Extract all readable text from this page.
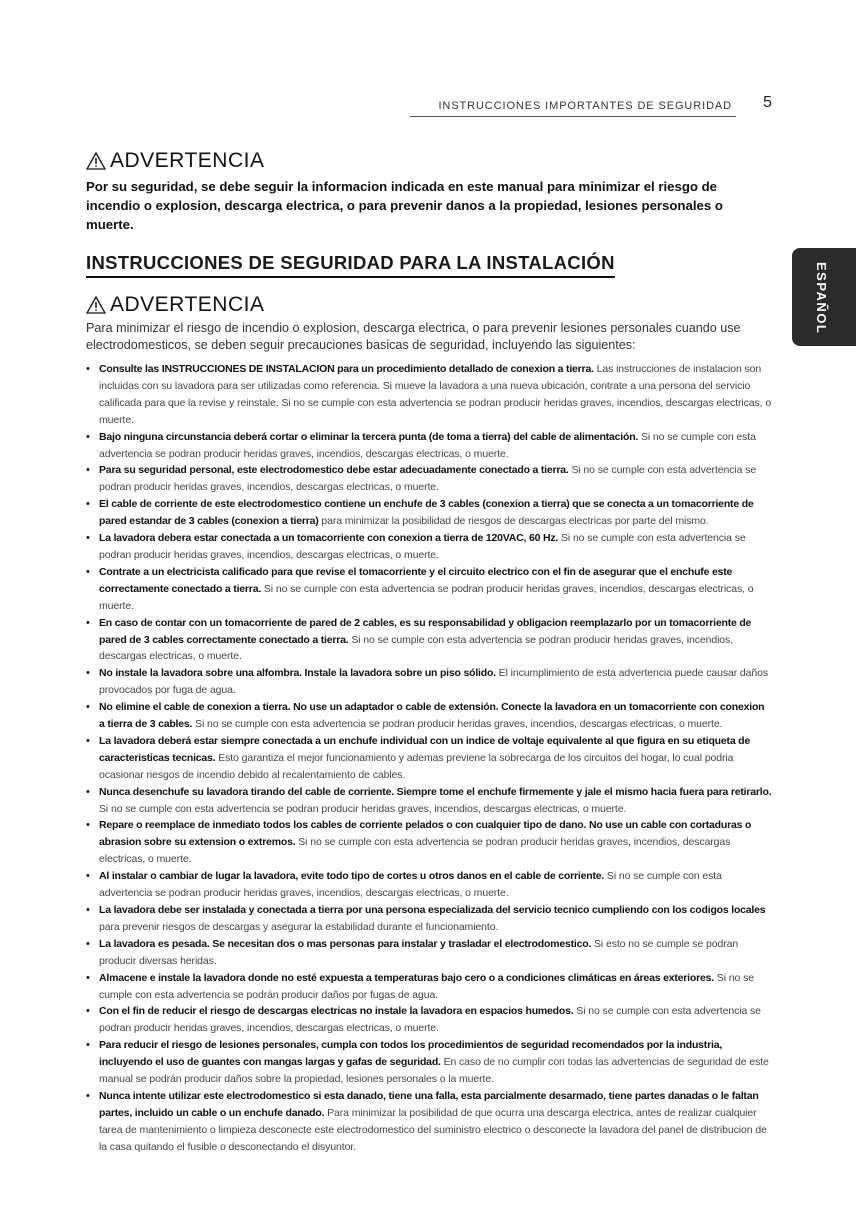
INSTRUCCIONES IMPORTANTES DE SEGURIDAD 5
ESPAÑOL
ADVERTENCIA
Por su seguridad, se debe seguir la informacion indicada en este manual para minimizar el riesgo de incendio o explosion, descarga electrica, o para prevenir danos a la propiedad, lesiones personales o muerte.
INSTRUCCIONES DE SEGURIDAD PARA LA INSTALACIÓN
ADVERTENCIA
Para minimizar el riesgo de incendio o explosion, descarga electrica, o para prevenir lesiones personales cuando use electrodomesticos, se deben seguir precauciones basicas de seguridad, incluyendo las siguientes:
• Consulte las INSTRUCCIONES DE INSTALACION para un procedimiento detallado de conexion a tierra. Las instrucciones de instalacion son incluidas con su lavadora para ser utilizadas como referencia. Si mueve la lavadora a una nueva ubicación, contrate a una persona del servicio calificada para que la revise y reinstale. Si no se cumple con esta advertencia se podran producir heridas graves, incendios, descargas electricas, o muerte.
• Bajo ninguna circunstancia deberá cortar o eliminar la tercera punta (de toma a tierra) del cable de alimentación. Si no se cumple con esta advertencia se podran producir heridas graves, incendios, descargas electricas, o muerte.
• Para su seguridad personal, este electrodomestico debe estar adecuadamente conectado a tierra. Si no se cumple con esta advertencia se podran producir heridas graves, incendios, descargas electricas, o muerte.
• El cable de corriente de este electrodomestico contiene un enchufe de 3 cables (conexion a tierra) que se conecta a un tomacorriente de pared estandar de 3 cables (conexion a tierra) para minimizar la posibilidad de riesgos de descargas electricas por parte del mismo.
• La lavadora debera estar conectada a un tomacorriente con conexion a tierra de 120VAC, 60 Hz. Si no se cumple con esta advertencia se podran producir heridas graves, incendios, descargas electricas, o muerte.
• Contrate a un electricista calificado para que revise el tomacorriente y el circuito electrico con el fin de asegurar que el enchufe este correctamente conectado a tierra. Si no se cumple con esta advertencia se podran producir heridas graves, incendios, descargas electricas, o muerte.
• En caso de contar con un tomacorriente de pared de 2 cables, es su responsabilidad y obligacion reemplazarlo por un tomacorriente de pared de 3 cables correctamente conectado a tierra. Si no se cumple con esta advertencia se podran producir heridas graves, incendios, descargas electricas, o muerte.
• No instale la lavadora sobre una alfombra. Instale la lavadora sobre un piso sólido. El incumplimiento de esta advertencia puede causar daños provocados por fuga de agua.
• No elimine el cable de conexion a tierra. No use un adaptador o cable de extensión. Conecte la lavadora en un tomacorriente con conexion a tierra de 3 cables. Si no se cumple con esta advertencia se podran producir heridas graves, incendios, descargas electricas, o muerte.
• La lavadora deberá estar siempre conectada a un enchufe individual con un indice de voltaje equivalente al que figura en su etiqueta de caracteristicas tecnicas. Esto garantiza el mejor funcionamiento y ademas previene la sobrecarga de los circuitos del hogar, lo cual podria ocasionar riesgos de incendio debido al recalentamiento de cables.
• Nunca desenchufe su lavadora tirando del cable de corriente. Siempre tome el enchufe firmemente y jale el mismo hacia fuera para retirarlo. Si no se cumple con esta advertencia se podran producir heridas graves, incendios, descargas electricas, o muerte.
• Repare o reemplace de inmediato todos los cables de corriente pelados o con cualquier tipo de dano. No use un cable con cortaduras o abrasion sobre su extension o extremos. Si no se cumple con esta advertencia se podran producir heridas graves, incendios, descargas electricas, o muerte.
• Al instalar o cambiar de lugar la lavadora, evite todo tipo de cortes u otros danos en el cable de corriente. Si no se cumple con esta advertencia se podran producir heridas graves, incendios, descargas electricas, o muerte.
• La lavadora debe ser instalada y conectada a tierra por una persona especializada del servicio tecnico cumpliendo con los codigos locales para prevenir riesgos de descargas y asegurar la estabilidad durante el funcionamiento.
• La lavadora es pesada. Se necesitan dos o mas personas para instalar y trasladar el electrodomestico. Si esto no se cumple se podran producir diversas heridas.
• Almacene e instale la lavadora donde no esté expuesta a temperaturas bajo cero o a condiciones climáticas en áreas exteriores. Si no se cumple con esta advertencia se podrán producir daños por fugas de agua.
• Con el fin de reducir el riesgo de descargas electricas no instale la lavadora en espacios humedos. Si no se cumple con esta advertencia se podran producir heridas graves, incendios, descargas electricas, o muerte.
• Para reducir el riesgo de lesiones personales, cumpla con todos los procedimientos de seguridad recomendados por la industria, incluyendo el uso de guantes con mangas largas y gafas de seguridad. En caso de no cumplir con todas las advertencias de seguridad de este manual se podrán producir daños sobre la propiedad, lesiones personales o la muerte.
• Nunca intente utilizar este electrodomestico si esta danado, tiene una falla, esta parcialmente desarmado, tiene partes danadas o le faltan partes, incluido un cable o un enchufe danado. Para minimizar la posibilidad de que ocurra una descarga electrica, antes de realizar cualquier tarea de mantenimiento o limpieza desconecte este electrodomestico del suministro electrico o desconecte la lavadora del panel de distribucion de la casa quitando el fusible o desconectando el disyuntor.
